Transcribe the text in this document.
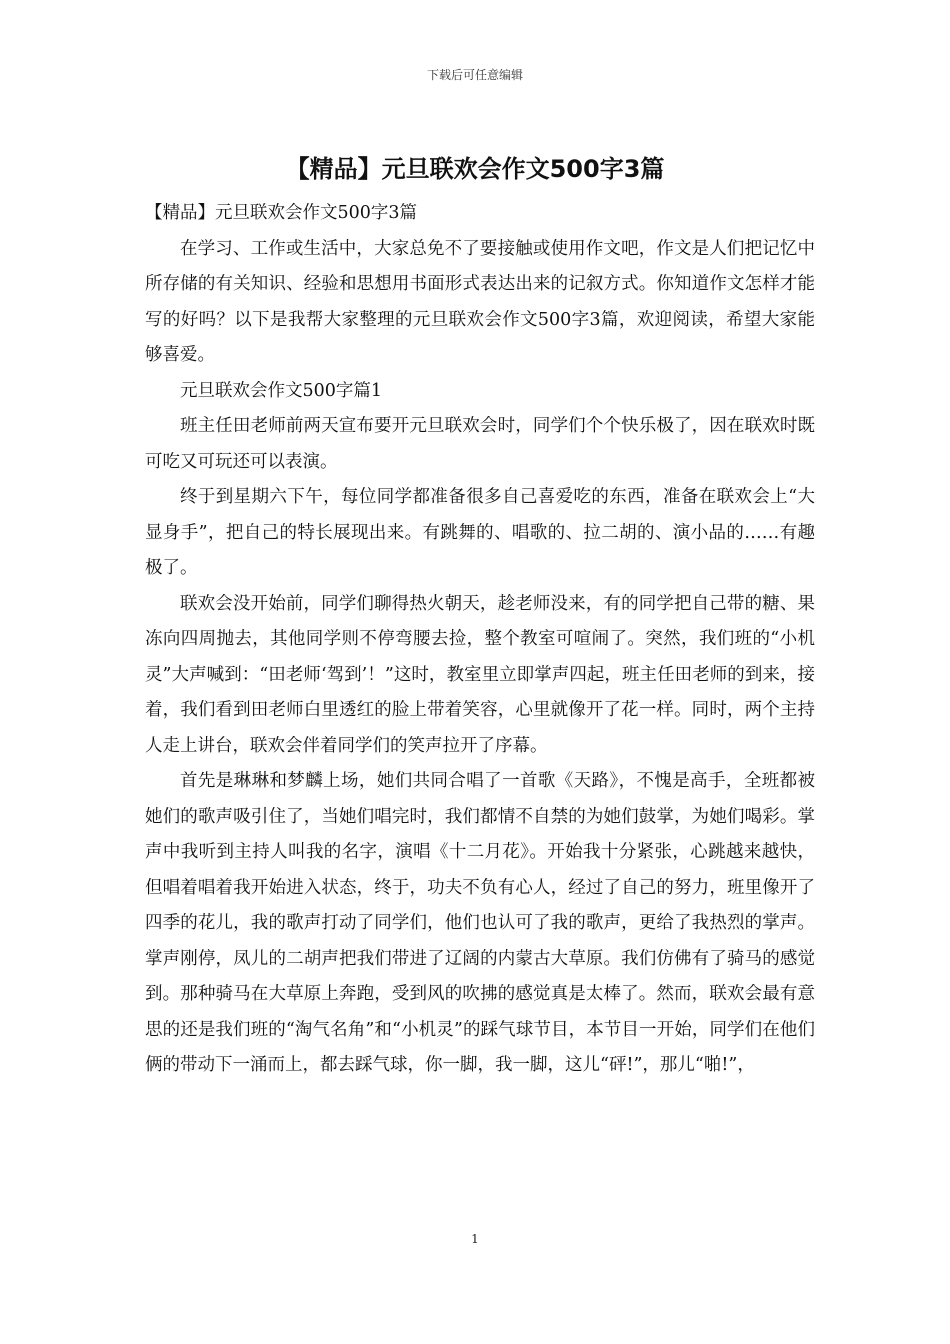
下载后可任意编辑
【精品】元旦联欢会作文500字3篇

【精品】元旦联欢会作文500字3篇

在学习、工作或生活中，大家总免不了要接触或使用作文吧，作文是人们把记忆中所存储的有关知识、经验和思想用书面形式表达出来的记叙方式。你知道作文怎样才能写的好吗？以下是我帮大家整理的元旦联欢会作文500字3篇，欢迎阅读，希望大家能够喜爱。

元旦联欢会作文500字篇1

班主任田老师前两天宣布要开元旦联欢会时，同学们个个快乐极了，因在联欢时既可吃又可玩还可以表演。

终于到星期六下午，每位同学都准备很多自己喜爱吃的东西，准备在联欢会上“大显身手”，把自己的特长展现出来。有跳舞的、唱歌的、拉二胡的、演小品的……有趣极了。

联欢会没开始前，同学们聊得热火朝天，趁老师没来，有的同学把自己带的糖、果冻向四周抛去，其他同学则不停弯腰去捡，整个教室可喧闹了。突然，我们班的“小机灵”大声喊到：“田老师‘驾到’！”这时，教室里立即掌声四起，班主任田老师的到来，接着，我们看到田老师白里透红的脸上带着笑容，心里就像开了花一样。同时，两个主持人走上讲台，联欢会伴着同学们的笑声拉开了序幕。

首先是琳琳和梦麟上场，她们共同合唱了一首歌《天路》，不愧是高手，全班都被她们的歌声吸引住了，当她们唱完时，我们都情不自禁的为她们鼓掌，为她们喝彩。掌声中我听到主持人叫我的名字，演唱《十二月花》。开始我十分紧张，心跳越来越快，但唱着唱着我开始进入状态，终于，功夫不负有心人，经过了自己的努力，班里像开了四季的花儿，我的歌声打动了同学们，他们也认可了我的歌声，更给了我热烈的掌声。掌声刚停，凤儿的二胡声把我们带进了辽阔的内蒙古大草原。我们仿佛有了骑马的感觉到。那种骑马在大草原上奔跑，受到风的吹拂的感觉真是太棒了。然而，联欢会最有意思的还是我们班的“淘气名角”和“小机灵”的踩气球节目，本节目一开始，同学们在他们俩的带动下一涌而上，都去踩气球，你一脚，我一脚，这儿“砰!”，那儿“啪!”，

1
